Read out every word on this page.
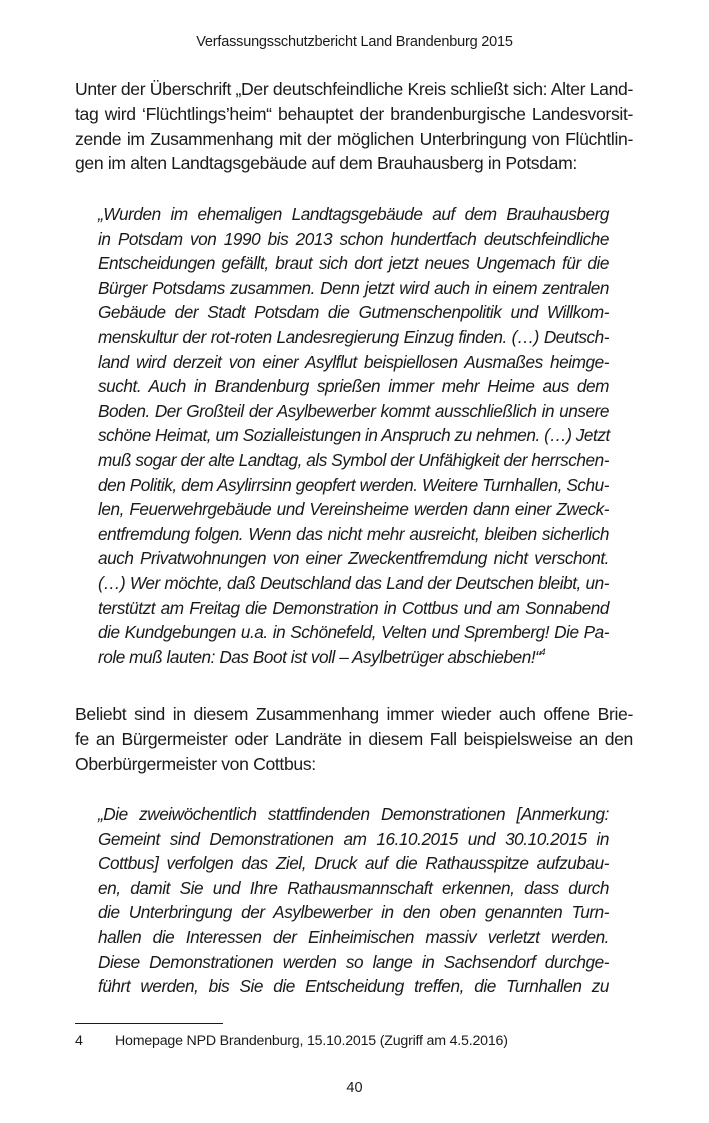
Verfassungsschutzbericht Land Brandenburg 2015
Unter der Überschrift „Der deutschfeindliche Kreis schließt sich: Alter Land-
tag wird ‘Flüchtlings’heim“ behauptet der brandenburgische Landesvorsit-
zende im Zusammenhang mit der möglichen Unterbringung von Flüchtlin-
gen im alten Landtagsgebäude auf dem Brauhausberg in Potsdam:
„Wurden im ehemaligen Landtagsgebäude auf dem Brauhausberg
in Potsdam von 1990 bis 2013 schon hundertfach deutschfeindliche
Entscheidungen gefällt, braut sich dort jetzt neues Ungemach für die
Bürger Potsdams zusammen. Denn jetzt wird auch in einem zentralen
Gebäude der Stadt Potsdam die Gutmenschenpolitik und Willkom-
menskultur der rot-roten Landesregierung Einzug finden. (…) Deutsch-
land wird derzeit von einer Asylflut beispiellosen Ausmaßes heimge-
sucht. Auch in Brandenburg sprießen immer mehr Heime aus dem
Boden. Der Großteil der Asylbewerber kommt ausschließlich in unsere
schöne Heimat, um Sozialleistungen in Anspruch zu nehmen. (…) Jetzt
muß sogar der alte Landtag, als Symbol der Unfähigkeit der herrschen-
den Politik, dem Asylirrsinn geopfert werden. Weitere Turnhallen, Schu-
len, Feuerwehrgebäude und Vereinsheime werden dann einer Zweck-
entfremdung folgen. Wenn das nicht mehr ausreicht, bleiben sicherlich
auch Privatwohnungen von einer Zweckentfremdung nicht verschont.
(…) Wer möchte, daß Deutschland das Land der Deutschen bleibt, un-
terstützt am Freitag die Demonstration in Cottbus und am Sonnabend
die Kundgebungen u.a. in Schönefeld, Velten und Spremberg! Die Pa-
role muß lauten: Das Boot ist voll – Asylbetrüger abschieben!“$^4$
Beliebt sind in diesem Zusammenhang immer wieder auch offene Brie-
fe an Bürgermeister oder Landräte in diesem Fall beispielsweise an den
Oberbürgermeister von Cottbus:
„Die zweiwöchentlich stattfindenden Demonstrationen [Anmerkung:
Gemeint sind Demonstrationen am 16.10.2015 und 30.10.2015 in
Cottbus] verfolgen das Ziel, Druck auf die Rathausspitze aufzubau-
en, damit Sie und Ihre Rathausmannschaft erkennen, dass durch
die Unterbringung der Asylbewerber in den oben genannten Turn-
hallen die Interessen der Einheimischen massiv verletzt werden.
Diese Demonstrationen werden so lange in Sachsendorf durchge-
führt werden, bis Sie die Entscheidung treffen, die Turnhallen zu
4 Homepage NPD Brandenburg, 15.10.2015 (Zugriff am 4.5.2016)
40
